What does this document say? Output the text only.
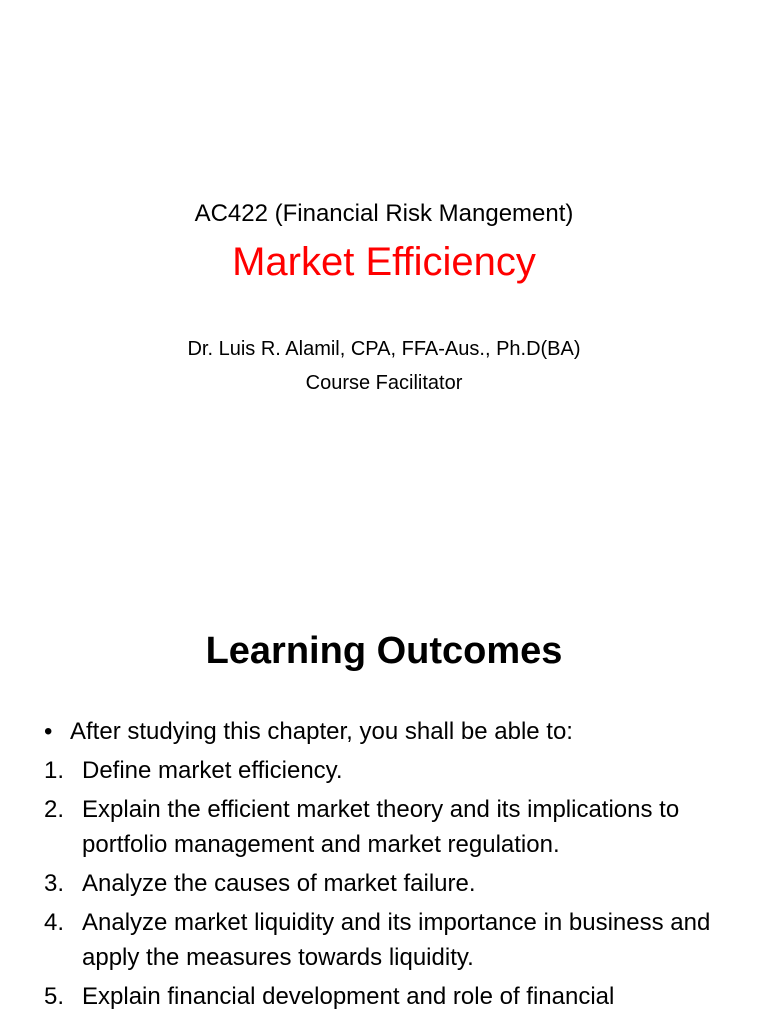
AC422 (Financial Risk Mangement)
Market Efficiency
Dr. Luis R. Alamil, CPA, FFA-Aus., Ph.D(BA)
Course Facilitator
Learning Outcomes
• After studying this chapter, you shall be able to:
1. Define market efficiency.
2. Explain the efficient market theory and its implications to portfolio management and market regulation.
3. Analyze the causes of market failure.
4. Analyze market liquidity and its importance in business and apply the measures towards liquidity.
5. Explain financial development and role of financial
